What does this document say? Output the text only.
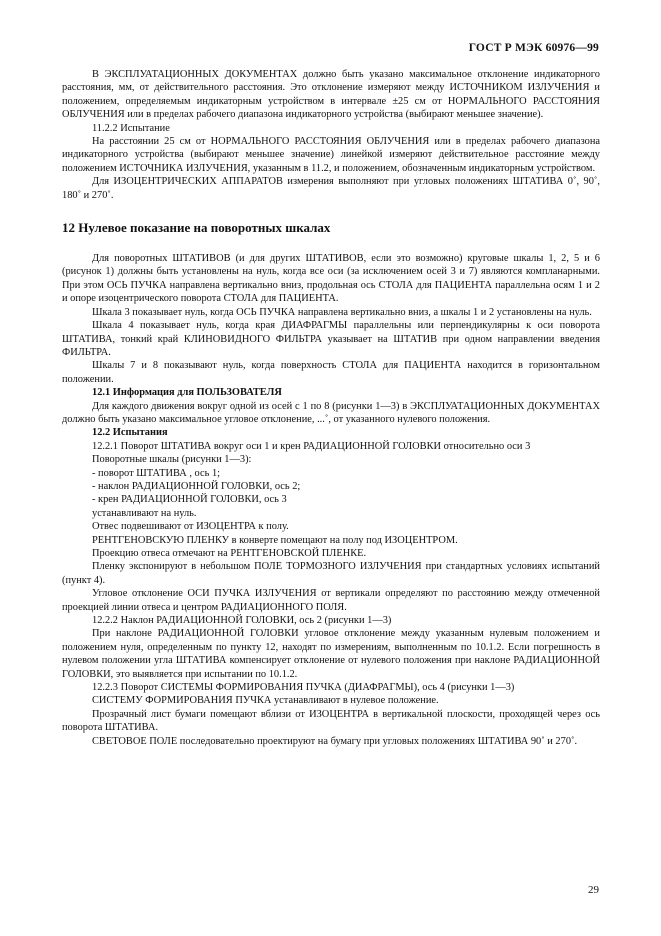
ГОСТ Р МЭК 60976—99

В ЭКСПЛУАТАЦИОННЫХ ДОКУМЕНТАХ должно быть указано максимальное отклонение индикаторного расстояния, мм, от действительного расстояния. Это отклонение измеряют между ИСТОЧНИКОМ ИЗЛУЧЕНИЯ и положением, определяемым индикаторным устройством в интервале ±25 см от НОРМАЛЬНОГО РАССТОЯНИЯ ОБЛУЧЕНИЯ или в пределах рабочего диапазона индикаторного устройства (выбирают меньшее значение).

11.2.2 Испытание

На расстоянии 25 см от НОРМАЛЬНОГО РАССТОЯНИЯ ОБЛУЧЕНИЯ или в пределах рабочего диапазона индикаторного устройства (выбирают меньшее значение) линейкой измеряют действительное расстояние между положением ИСТОЧНИКА ИЗЛУЧЕНИЯ, указанным в 11.2, и положением, обозначенным индикаторным устройством.

Для ИЗОЦЕНТРИЧЕСКИХ АППАРАТОВ измерения выполняют при угловых положениях ШТАТИВА 0˚, 90˚, 180˚ и 270˚.

12 Нулевое показание на поворотных шкалах

Для поворотных ШТАТИВОВ (и для других ШТАТИВОВ, если это возможно) круговые шкалы 1, 2, 5 и 6 (рисунок 1) должны быть установлены на нуль, когда все оси (за исключением осей 3 и 7) являются компланарными. При этом ОСЬ ПУЧКА направлена вертикально вниз, продольная ось СТОЛА для ПАЦИЕНТА параллельна осям 1 и 2 и опоре изоцентрического поворота СТОЛА для ПАЦИЕНТА.

Шкала 3 показывает нуль, когда ОСЬ ПУЧКА направлена вертикально вниз, а шкалы 1 и 2 установлены на нуль.

Шкала 4 показывает нуль, когда края ДИАФРАГМЫ параллельны или перпендикулярны к оси поворота ШТАТИВА, тонкий край КЛИНОВИДНОГО ФИЛЬТРА указывает на ШТАТИВ при одном направлении введения ФИЛЬТРА.

Шкалы 7 и 8 показывают нуль, когда поверхность СТОЛА для ПАЦИЕНТА находится в горизонтальном положении.

12.1 Информация для ПОЛЬЗОВАТЕЛЯ

Для каждого движения вокруг одной из осей с 1 по 8 (рисунки 1—3) в ЭКСПЛУАТАЦИОННЫХ ДОКУМЕНТАХ должно быть указано максимальное угловое отклонение, ...˚, от указанного нулевого положения.

12.2 Испытания

12.2.1 Поворот ШТАТИВА вокруг оси 1 и крен РАДИАЦИОННОЙ ГОЛОВКИ относительно оси 3

Поворотные шкалы (рисунки 1—3):

- поворот ШТАТИВА , ось 1;

- наклон РАДИАЦИОННОЙ ГОЛОВКИ, ось 2;

- крен РАДИАЦИОННОЙ ГОЛОВКИ, ось 3

устанавливают на нуль.

Отвес подвешивают от ИЗОЦЕНТРА к полу.

РЕНТГЕНОВСКУЮ ПЛЕНКУ в конверте помещают на полу под ИЗОЦЕНТРОМ.

Проекцию отвеса отмечают на РЕНТГЕНОВСКОЙ ПЛЕНКЕ.

Пленку экспонируют в небольшом ПОЛЕ ТОРМОЗНОГО ИЗЛУЧЕНИЯ при стандартных условиях испытаний (пункт 4).

Угловое отклонение ОСИ ПУЧКА ИЗЛУЧЕНИЯ от вертикали определяют по расстоянию между отмеченной проекцией линии отвеса и центром РАДИАЦИОННОГО ПОЛЯ.

12.2.2 Наклон РАДИАЦИОННОЙ ГОЛОВКИ, ось 2 (рисунки 1—3)

При наклоне РАДИАЦИОННОЙ ГОЛОВКИ угловое отклонение между указанным нулевым положением и положением нуля, определенным по пункту 12, находят по измерениям, выполненным по 10.1.2. Если погрешность в нулевом положении угла ШТАТИВА компенсирует отклонение от нулевого положения при наклоне РАДИАЦИОННОЙ ГОЛОВКИ, это выявляется при испытании по 10.1.2.

12.2.3 Поворот СИСТЕМЫ ФОРМИРОВАНИЯ ПУЧКА (ДИАФРАГМЫ), ось 4 (рисунки 1—3)

СИСТЕМУ ФОРМИРОВАНИЯ ПУЧКА устанавливают в нулевое положение.

Прозрачный лист бумаги помещают вблизи от ИЗОЦЕНТРА в вертикальной плоскости, проходящей через ось поворота ШТАТИВА.

СВЕТОВОЕ ПОЛЕ последовательно проектируют на бумагу при угловых положениях ШТАТИВА 90˚ и 270˚.

29
